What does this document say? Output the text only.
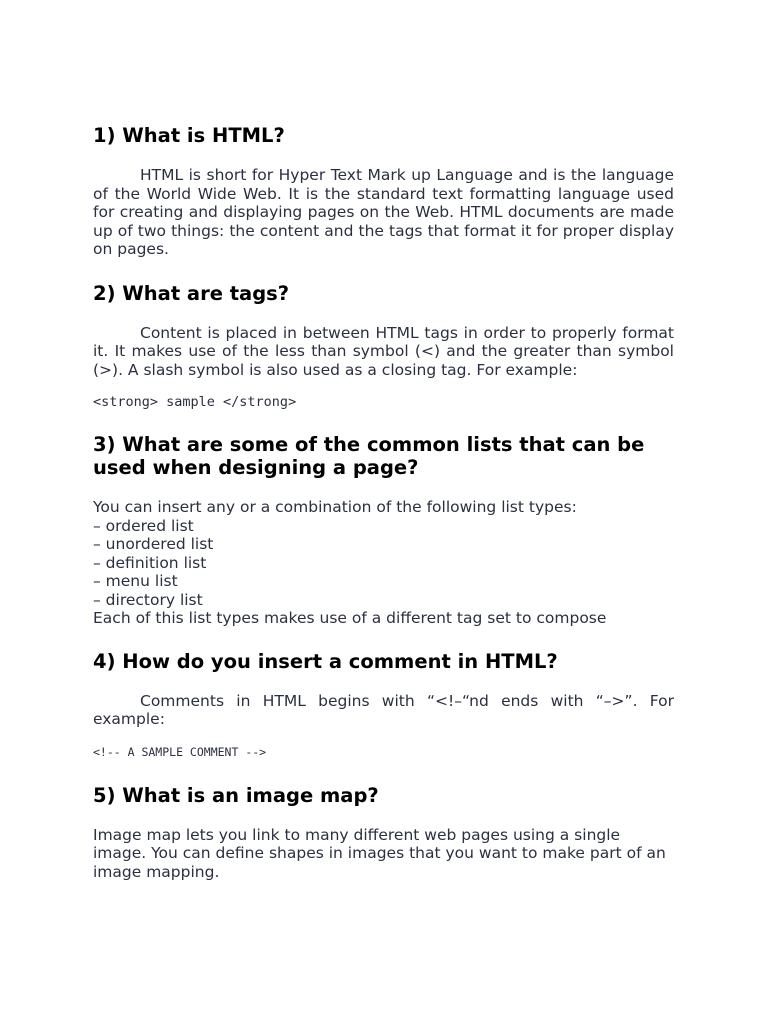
1) What is HTML?

HTML is short for Hyper Text Mark up Language and is the language of the World Wide Web. It is the standard text formatting language used for creating and displaying pages on the Web. HTML documents are made up of two things: the content and the tags that format it for proper display on pages.

2) What are tags?

Content is placed in between HTML tags in order to properly format it. It makes use of the less than symbol (<) and the greater than symbol (>). A slash symbol is also used as a closing tag. For example:

<strong> sample </strong>
3) What are some of the common lists that can be used when designing a page?

You can insert any or a combination of the following list types:

– ordered list

– unordered list

– definition list

– menu list

– directory list

Each of this list types makes use of a different tag set to compose

4) How do you insert a comment in HTML?

Comments in HTML begins with “<!–“nd ends with “–>”. For example:

<!-- A SAMPLE COMMENT -->
5) What is an image map?

Image map lets you link to many different web pages using a single image. You can define shapes in images that you want to make part of an image mapping.
